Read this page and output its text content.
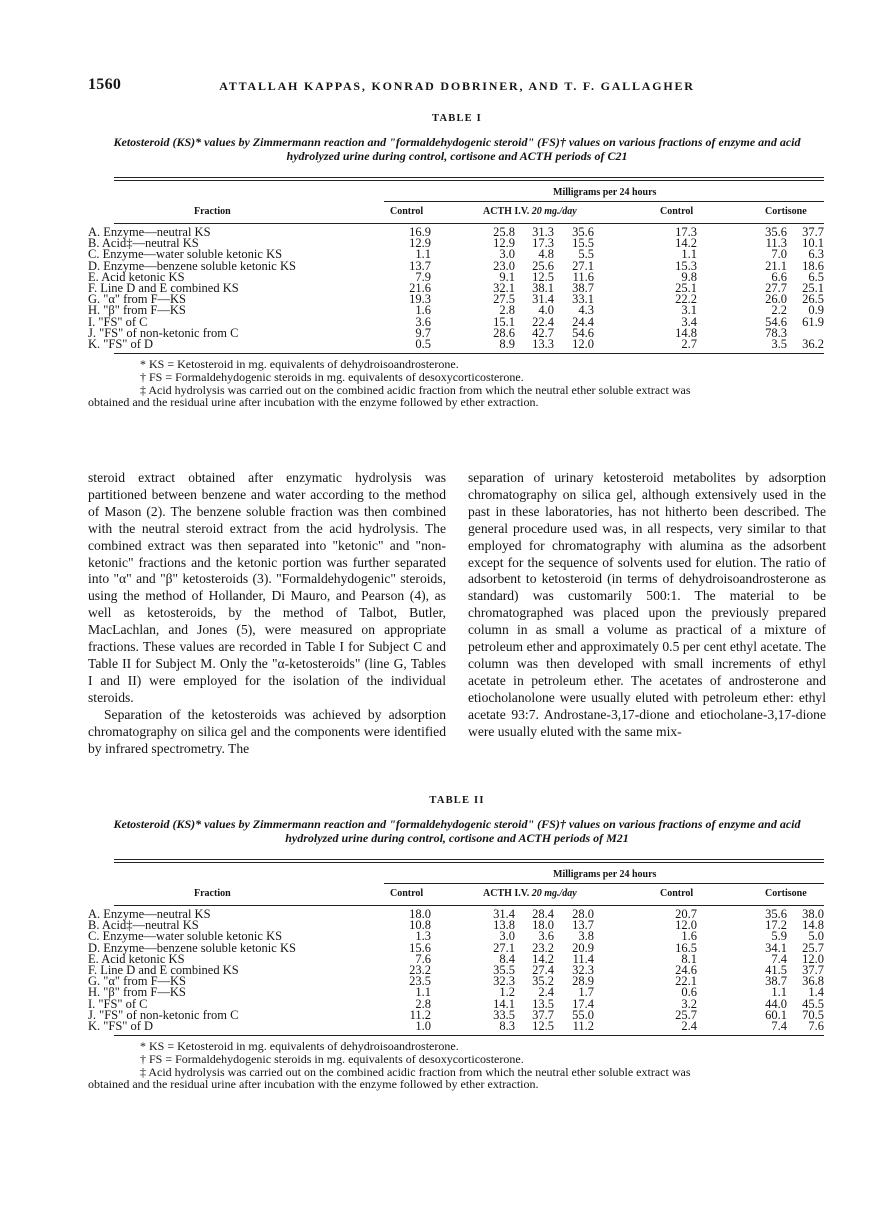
1560	ATTALLAH KAPPAS, KONRAD DOBRINER, AND T. F. GALLAGHER
TABLE I
Ketosteroid (KS)* values by Zimmermann reaction and "formaldehydogenic steroid" (FS)† values on various fractions of enzyme and acid hydrolyzed urine during control, cortisone and ACTH periods of C21
Milligrams per 24 hours
Fraction	Control	ACTH I.V. 20 mg./day	Control	Cortisone
A. Enzyme—neutral KS	16.9	25.8	31.3	35.6	17.3	35.6	37.7
B. Acid‡—neutral KS	12.9	12.9	17.3	15.5	14.2	11.3	10.1
C. Enzyme—water soluble ketonic KS	1.1	3.0	4.8	5.5	1.1	7.0	6.3
D. Enzyme—benzene soluble ketonic KS	13.7	23.0	25.6	27.1	15.3	21.1	18.6
E. Acid ketonic KS	7.9	9.1	12.5	11.6	9.8	6.6	6.5
F. Line D and E combined KS	21.6	32.1	38.1	38.7	25.1	27.7	25.1
G. "α" from F—KS	19.3	27.5	31.4	33.1	22.2	26.0	26.5
H. "β" from F—KS	1.6	2.8	4.0	4.3	3.1	2.2	0.9
I. "FS" of C	3.6	15.1	22.4	24.4	3.4	54.6	61.9
J. "FS" of non-ketonic from C	9.7	28.6	42.7	54.6	14.8	78.3
K. "FS" of D	0.5	8.9	13.3	12.0	2.7	3.5	36.2
* KS = Ketosteroid in mg. equivalents of dehydroisoandrosterone.
† FS = Formaldehydogenic steroids in mg. equivalents of desoxycorticosterone.
‡ Acid hydrolysis was carried out on the combined acidic fraction from which the neutral ether soluble extract was
obtained and the residual urine after incubation with the enzyme followed by ether extraction.

steroid extract obtained after enzymatic hydrolysis was partitioned between benzene and water according to the method of Mason (2). The benzene soluble fraction was then combined with the neutral steroid extract from the acid hydrolysis. The combined extract was then separated into "ketonic" and "non-ketonic" fractions and the ketonic portion was further separated into "α" and "β" ketosteroids (3). "Formaldehydogenic" steroids, using the method of Hollander, Di Mauro, and Pearson (4), as well as ketosteroids, by the method of Talbot, Butler, MacLachlan, and Jones (5), were measured on appropriate fractions. These values are recorded in Table I for Subject C and Table II for Subject M. Only the "α-ketosteroids" (line G, Tables I and II) were employed for the isolation of the individual steroids.

Separation of the ketosteroids was achieved by adsorption chromatography on silica gel and the components were identified by infrared spectrometry. The

separation of urinary ketosteroid metabolites by adsorption chromatography on silica gel, although extensively used in the past in these laboratories, has not hitherto been described. The general procedure used was, in all respects, very similar to that employed for chromatography with alumina as the adsorbent except for the sequence of solvents used for elution. The ratio of adsorbent to ketosteroid (in terms of dehydroisoandrosterone as standard) was customarily 500:1. The material to be chromatographed was placed upon the previously prepared column in as small a volume as practical of a mixture of petroleum ether and approximately 0.5 per cent ethyl acetate. The column was then developed with small increments of ethyl acetate in petroleum ether. The acetates of androsterone and etiocholanolone were usually eluted with petroleum ether: ethyl acetate 93:7. Androstane-3,17-dione and etiocholane-3,17-dione were usually eluted with the same mix-

TABLE II
Ketosteroid (KS)* values by Zimmermann reaction and "formaldehydogenic steroid" (FS)† values on various fractions of enzyme and acid hydrolyzed urine during control, cortisone and ACTH periods of M21
Milligrams per 24 hours
Fraction	Control	ACTH I.V. 20 mg./day	Control	Cortisone
A. Enzyme—neutral KS	18.0	31.4	28.4	28.0	20.7	35.6	38.0
B. Acid‡—neutral KS	10.8	13.8	18.0	13.7	12.0	17.2	14.8
C. Enzyme—water soluble ketonic KS	1.3	3.0	3.6	3.8	1.6	5.9	5.0
D. Enzyme—benzene soluble ketonic KS	15.6	27.1	23.2	20.9	16.5	34.1	25.7
E. Acid ketonic KS	7.6	8.4	14.2	11.4	8.1	7.4	12.0
F. Line D and E combined KS	23.2	35.5	27.4	32.3	24.6	41.5	37.7
G. "α" from F—KS	23.5	32.3	35.2	28.9	22.1	38.7	36.8
H. "β" from F—KS	1.1	1.2	2.4	1.7	0.6	1.1	1.4
I. "FS" of C	2.8	14.1	13.5	17.4	3.2	44.0	45.5
J. "FS" of non-ketonic from C	11.2	33.5	37.7	55.0	25.7	60.1	70.5
K. "FS" of D	1.0	8.3	12.5	11.2	2.4	7.4	7.6
* KS = Ketosteroid in mg. equivalents of dehydroisoandrosterone.
† FS = Formaldehydogenic steroids in mg. equivalents of desoxycorticosterone.
‡ Acid hydrolysis was carried out on the combined acidic fraction from which the neutral ether soluble extract was
obtained and the residual urine after incubation with the enzyme followed by ether extraction.
